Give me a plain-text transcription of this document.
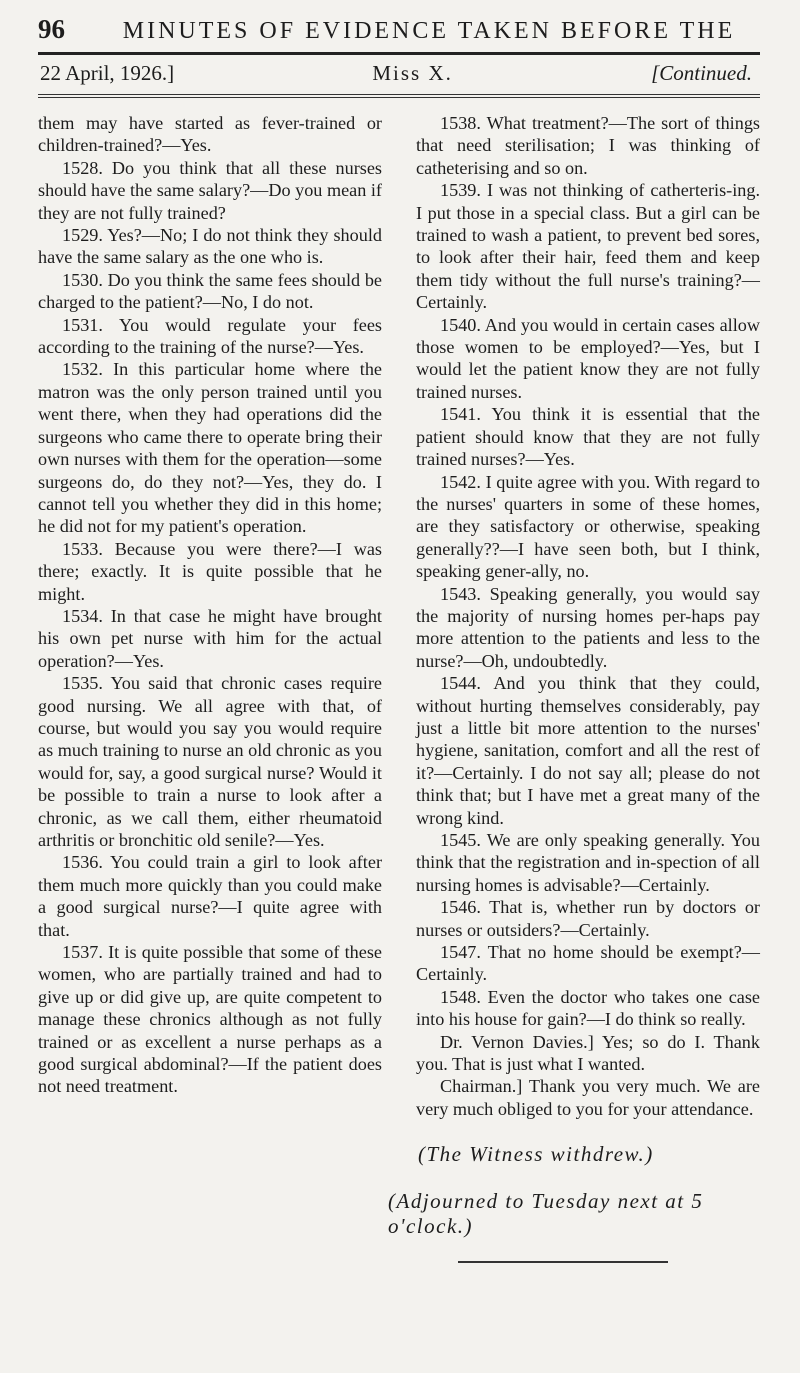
96	MINUTES OF EVIDENCE TAKEN BEFORE THE
22 April, 1926.]	Miss X.	[Continued.

them may have started as fever-trained or children-trained?—Yes.

1528. Do you think that all these nurses should have the same salary?—Do you mean if they are not fully trained?

1529. Yes?—No; I do not think they should have the same salary as the one who is.

1530. Do you think the same fees should be charged to the patient?—No, I do not.

1531. You would regulate your fees according to the training of the nurse?—Yes.

1532. In this particular home where the matron was the only person trained until you went there, when they had operations did the surgeons who came there to operate bring their own nurses with them for the operation—some surgeons do, do they not?—Yes, they do. I cannot tell you whether they did in this home; he did not for my patient's operation.

1533. Because you were there?—I was there; exactly. It is quite possible that he might.

1534. In that case he might have brought his own pet nurse with him for the actual operation?—Yes.

1535. You said that chronic cases require good nursing. We all agree with that, of course, but would you say you would require as much training to nurse an old chronic as you would for, say, a good surgical nurse? Would it be possible to train a nurse to look after a chronic, as we call them, either rheumatoid arthritis or bronchitic old senile?—Yes.

1536. You could train a girl to look after them much more quickly than you could make a good surgical nurse?—I quite agree with that.

1537. It is quite possible that some of these women, who are partially trained and had to give up or did give up, are quite competent to manage these chronics although as not fully trained or as excellent a nurse perhaps as a good surgical abdominal?—If the patient does not need treatment.

1538. What treatment?—The sort of things that need sterilisation; I was thinking of catheterising and so on.

1539. I was not thinking of catherteris-ing. I put those in a special class. But a girl can be trained to wash a patient, to prevent bed sores, to look after their hair, feed them and keep them tidy without the full nurse's training?—Certainly.

1540. And you would in certain cases allow those women to be employed?—Yes, but I would let the patient know they are not fully trained nurses.

1541. You think it is essential that the patient should know that they are not fully trained nurses?—Yes.

1542. I quite agree with you. With regard to the nurses' quarters in some of these homes, are they satisfactory or otherwise, speaking generally??—I have seen both, but I think, speaking gener-ally, no.

1543. Speaking generally, you would say the majority of nursing homes per-haps pay more attention to the patients and less to the nurse?—Oh, undoubtedly.

1544. And you think that they could, without hurting themselves considerably, pay just a little bit more attention to the nurses' hygiene, sanitation, comfort and all the rest of it?—Certainly. I do not say all; please do not think that; but I have met a great many of the wrong kind.

1545. We are only speaking generally. You think that the registration and in-spection of all nursing homes is advisable?—Certainly.

1546. That is, whether run by doctors or nurses or outsiders?—Certainly.

1547. That no home should be exempt?—Certainly.

1548. Even the doctor who takes one case into his house for gain?—I do think so really.

Dr. Vernon Davies.] Yes; so do I. Thank you. That is just what I wanted.

Chairman.] Thank you very much. We are very much obliged to you for your attendance.

(The Witness withdrew.)
(Adjourned to Tuesday next at 5 o'clock.)
